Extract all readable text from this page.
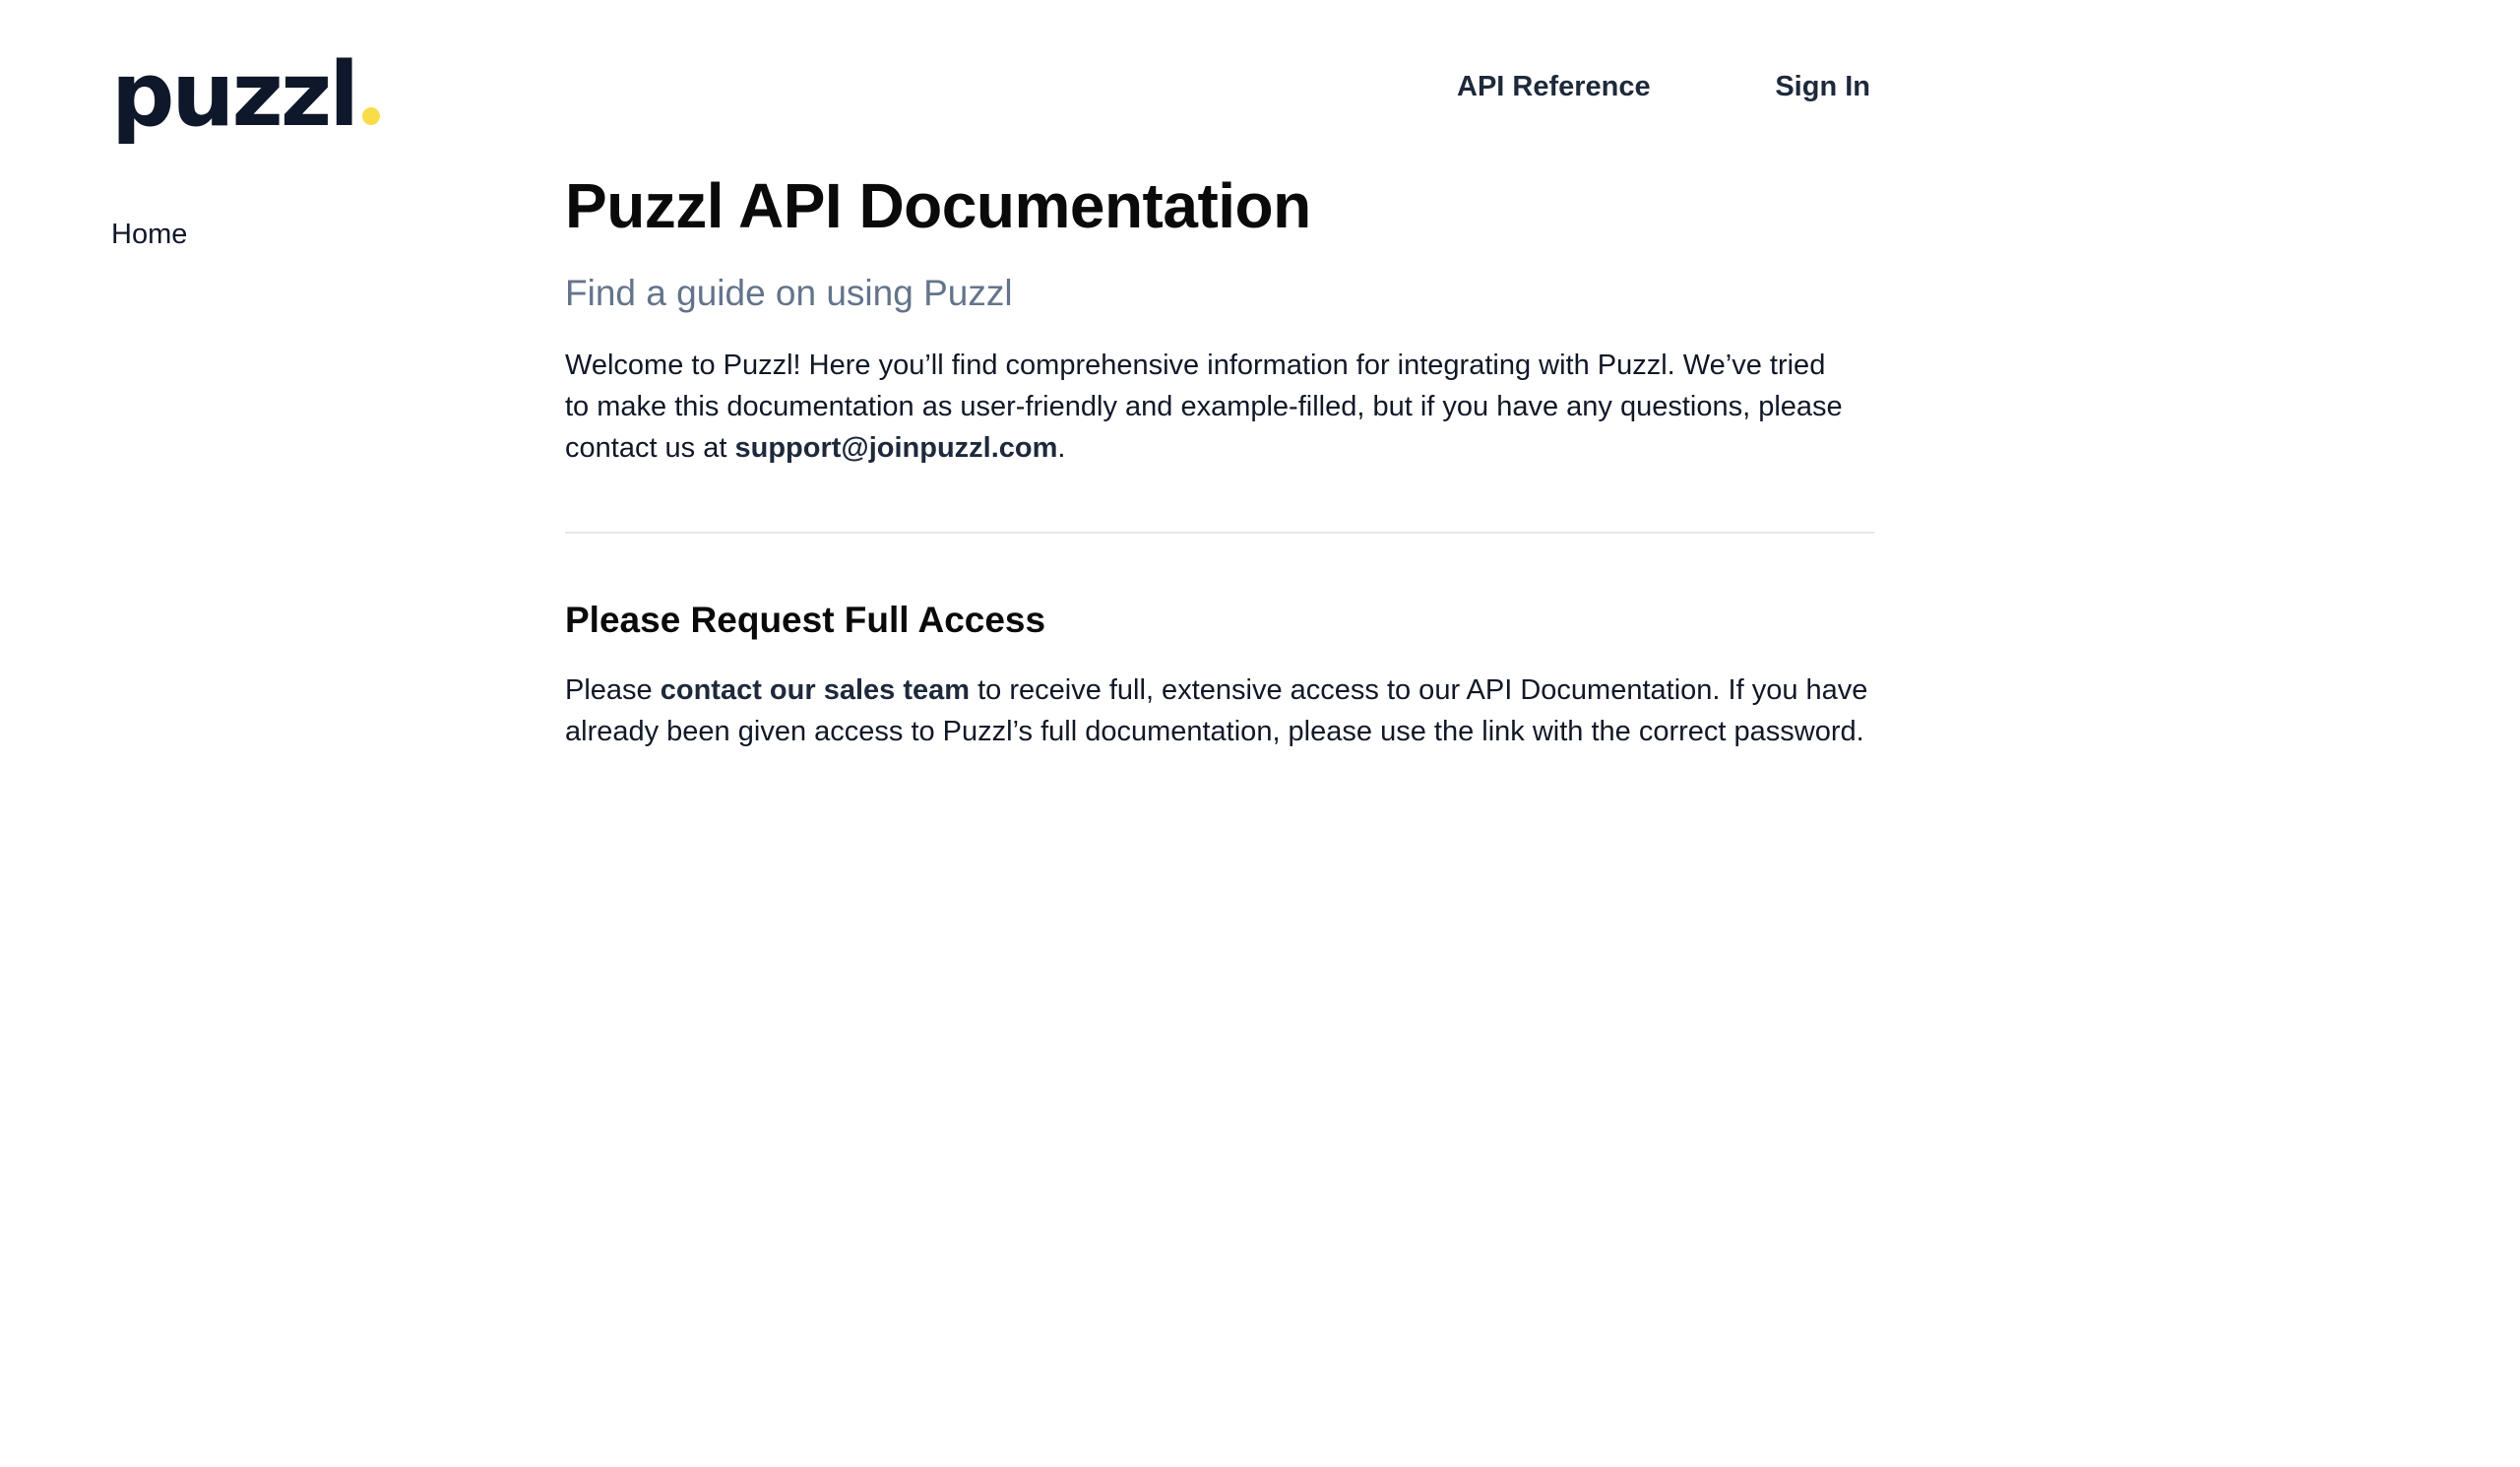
puzzl	API Reference	Sign In
Home	Puzzl API Documentation

Find a guide on using Puzzl

Welcome to Puzzl! Here you’ll find comprehensive information for integrating with Puzzl. We’ve tried to make this documentation as user-friendly and example-filled, but if you have any questions, please contact us at support@joinpuzzl.com.

Please Request Full Access

Please contact our sales team to receive full, extensive access to our API Documentation. If you have already been given access to Puzzl’s full documentation, please use the link with the correct password.
